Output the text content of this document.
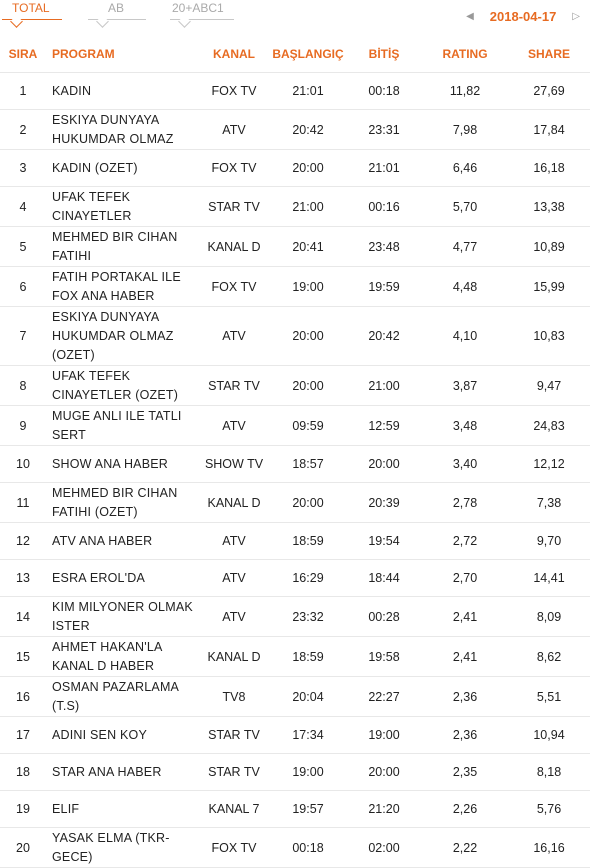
TOTAL	AB	20+ABC1
◀	2018-04-17	▷
SIRA	PROGRAM	KANAL	BAŞLANGIÇ	BİTİŞ	RATING	SHARE
1	KADIN	FOX TV	21:01	00:18	11,82	27,69
2	ESKIYA DUNYAYA
HUKUMDAR OLMAZ	ATV	20:42	23:31	7,98	17,84
3	KADIN (OZET)	FOX TV	20:00	21:01	6,46	16,18
4	UFAK TEFEK
CINAYETLER	STAR TV	21:00	00:16	5,70	13,38
5	MEHMED BIR CIHAN
FATIHI	KANAL D	20:41	23:48	4,77	10,89
6	FATIH PORTAKAL ILE
FOX ANA HABER	FOX TV	19:00	19:59	4,48	15,99
7	ESKIYA DUNYAYA
HUKUMDAR OLMAZ
(OZET)	ATV	20:00	20:42	4,10	10,83
8	UFAK TEFEK
CINAYETLER (OZET)	STAR TV	20:00	21:00	3,87	9,47
9	MUGE ANLI ILE TATLI
SERT	ATV	09:59	12:59	3,48	24,83
10	SHOW ANA HABER	SHOW TV	18:57	20:00	3,40	12,12
11	MEHMED BIR CIHAN
FATIHI (OZET)	KANAL D	20:00	20:39	2,78	7,38
12	ATV ANA HABER	ATV	18:59	19:54	2,72	9,70
13	ESRA EROL'DA	ATV	16:29	18:44	2,70	14,41
14	KIM MILYONER OLMAK
ISTER	ATV	23:32	00:28	2,41	8,09
15	AHMET HAKAN'LA
KANAL D HABER	KANAL D	18:59	19:58	2,41	8,62
16	OSMAN PAZARLAMA
(T.S)	TV8	20:04	22:27	2,36	5,51
17	ADINI SEN KOY	STAR TV	17:34	19:00	2,36	10,94
18	STAR ANA HABER	STAR TV	19:00	20:00	2,35	8,18
19	ELIF	KANAL 7	19:57	21:20	2,26	5,76
20	YASAK ELMA (TKR-
GECE)	FOX TV	00:18	02:00	2,22	16,16
